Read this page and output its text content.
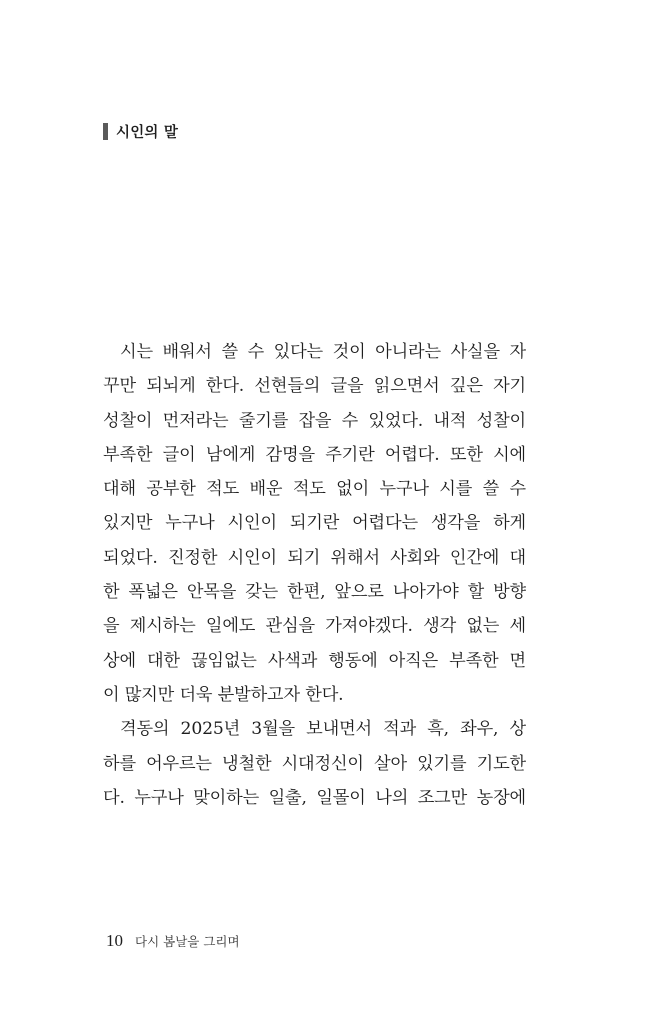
시인의 말
시는 배워서 쓸 수 있다는 것이 아니라는 사실을 자
꾸만 되뇌게 한다. 선현들의 글을 읽으면서 깊은 자기
성찰이 먼저라는 줄기를 잡을 수 있었다. 내적 성찰이
부족한 글이 남에게 감명을 주기란 어렵다. 또한 시에
대해 공부한 적도 배운 적도 없이 누구나 시를 쓸 수
있지만 누구나 시인이 되기란 어렵다는 생각을 하게
되었다. 진정한 시인이 되기 위해서 사회와 인간에 대
한 폭넓은 안목을 갖는 한편, 앞으로 나아가야 할 방향
을 제시하는 일에도 관심을 가져야겠다. 생각 없는 세
상에 대한 끊임없는 사색과 행동에 아직은 부족한 면
이 많지만 더욱 분발하고자 한다.
격동의 2025년 3월을 보내면서 적과 흑, 좌우, 상
하를 어우르는 냉철한 시대정신이 살아 있기를 기도한
다. 누구나 맞이하는 일출, 일몰이 나의 조그만 농장에
10 다시 봄날을 그리며
